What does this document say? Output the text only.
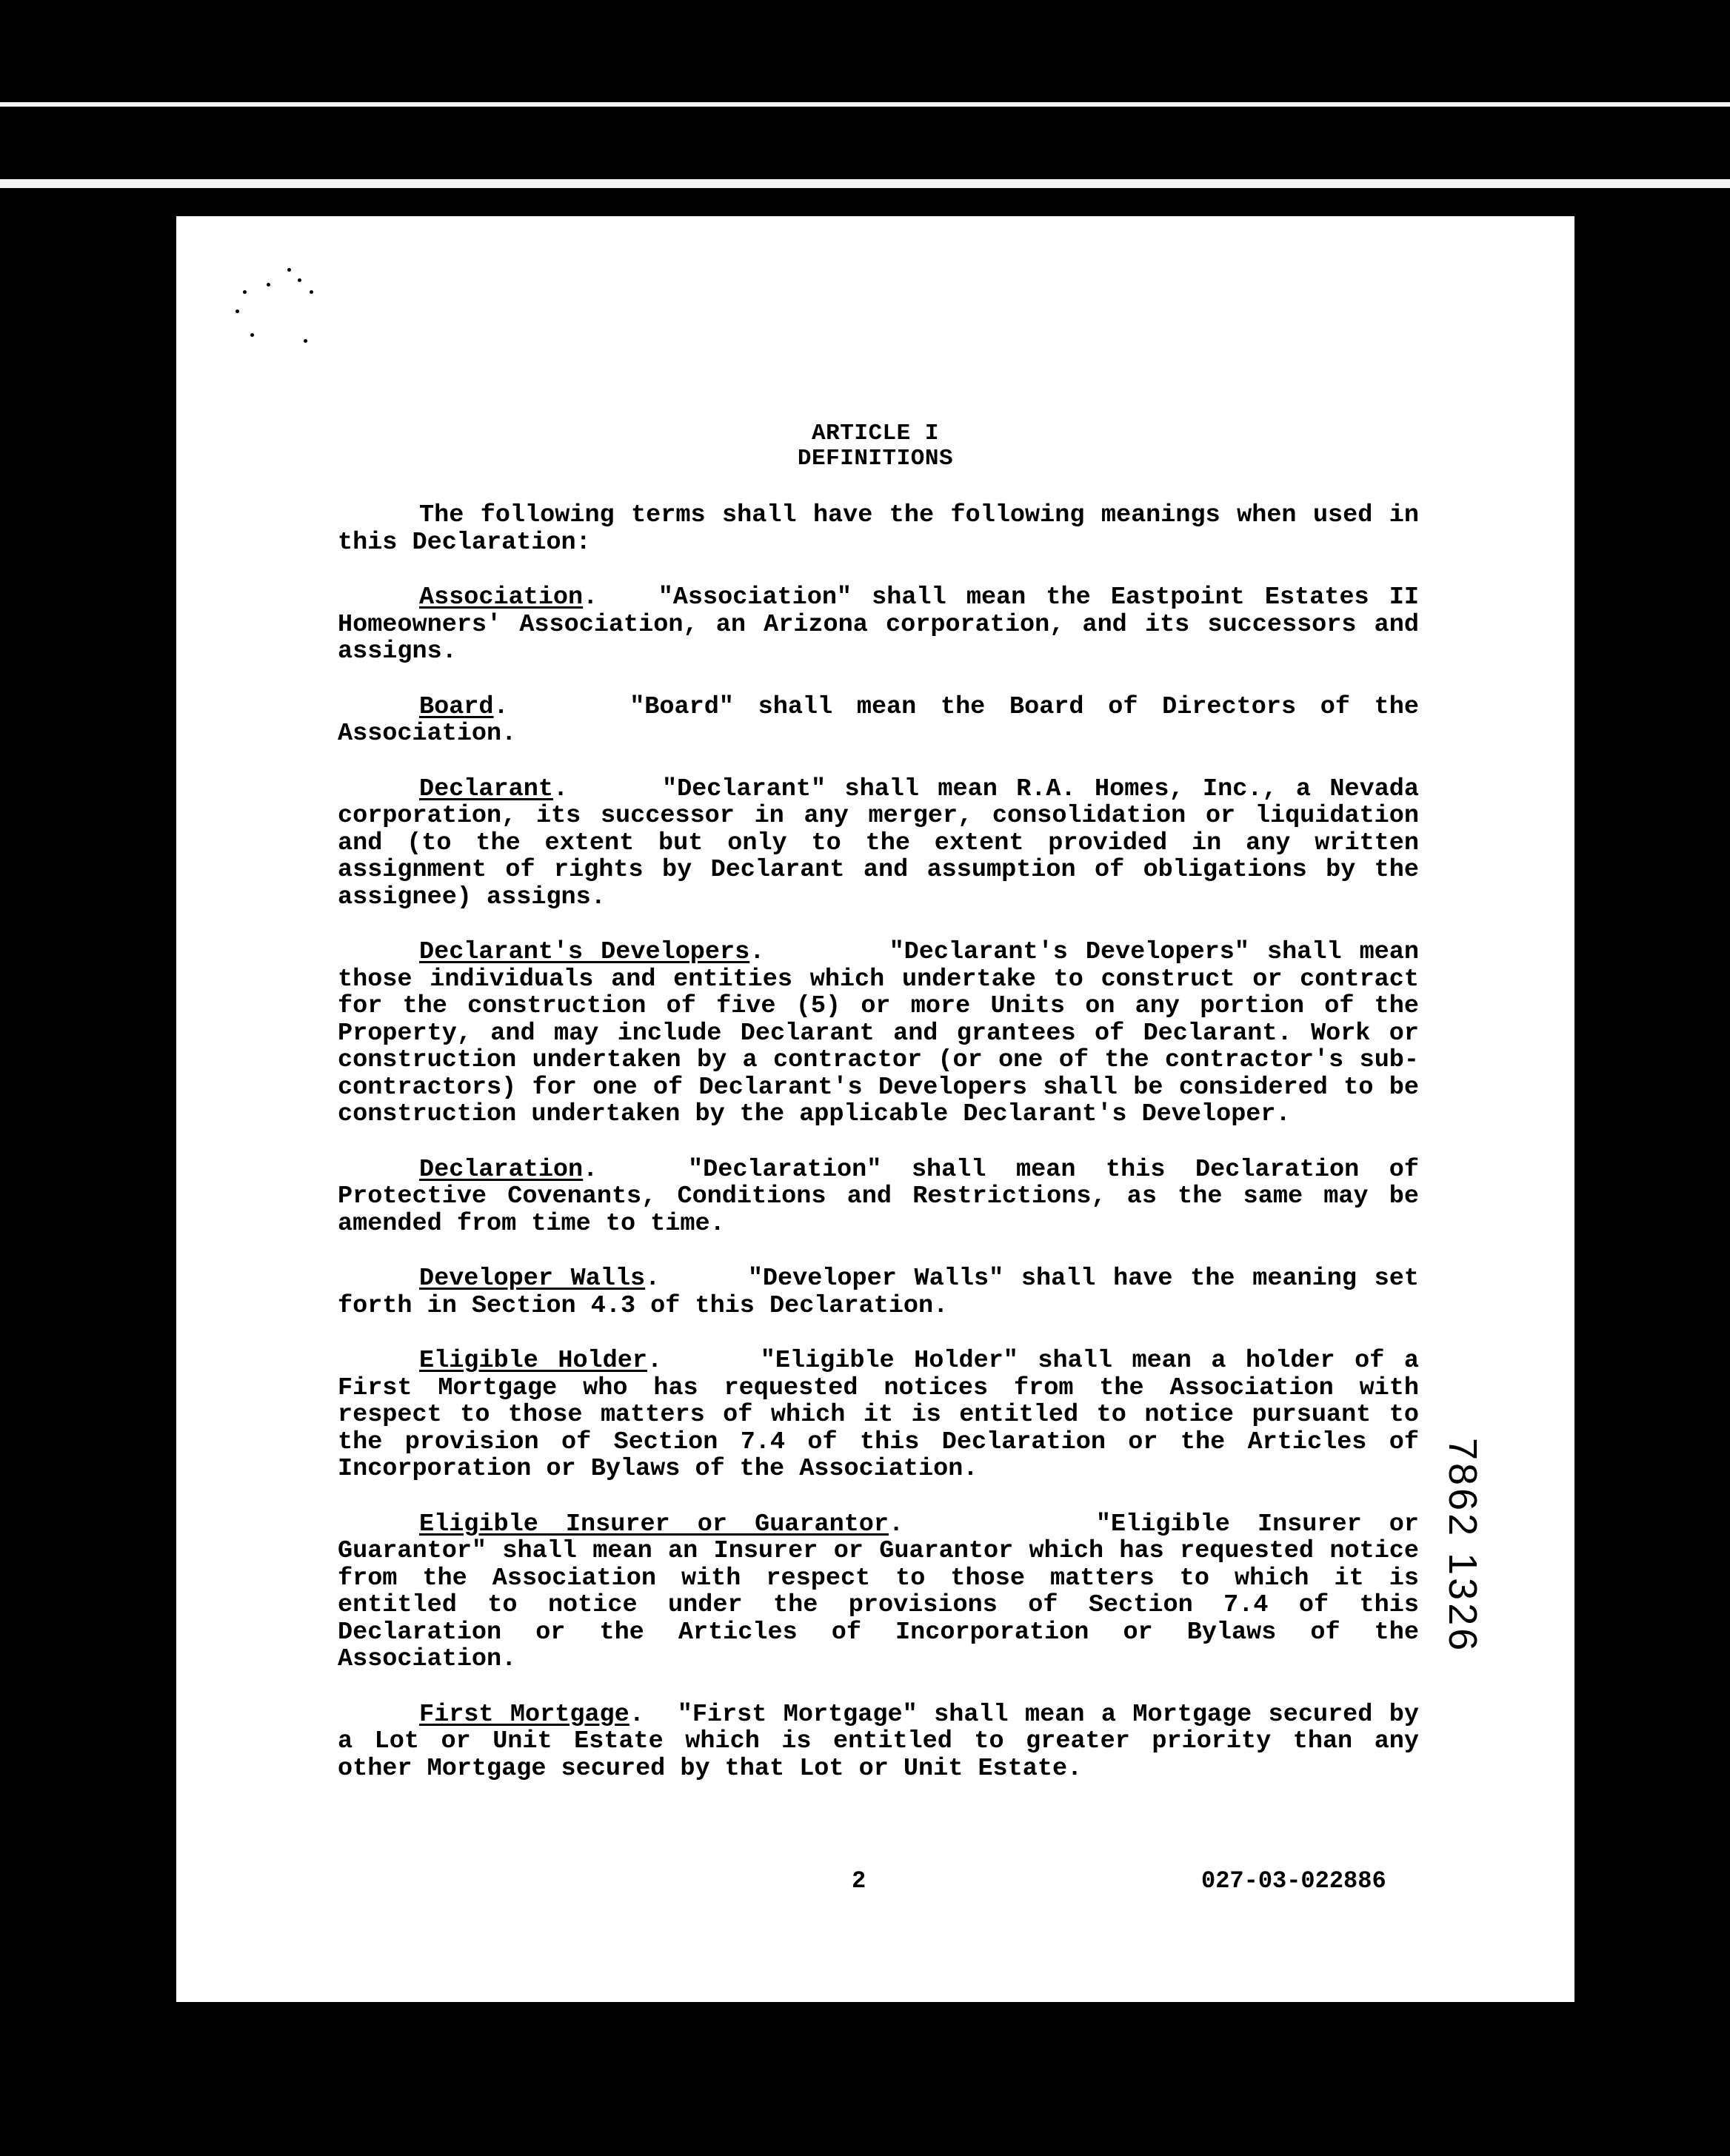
ARTICLE I
DEFINITIONS

The following terms shall have the following meanings when used in this Declaration:

Association.   "Association" shall mean the Eastpoint Estates II Homeowners' Association, an Arizona corporation, and its successors and assigns.

Board.     "Board" shall mean the Board of Directors of the Association.

Declarant.     "Declarant" shall mean R.A. Homes, Inc., a Nevada corporation, its successor in any merger, consolidation or liquidation and (to the extent but only to the extent provided in any written assignment of rights by Declarant and assumption of obligations by the assignee) assigns.

Declarant's Developers.       "Declarant's Developers" shall mean those individuals and entities which undertake to construct or contract for the construction of five (5) or more Units on any portion of the Property, and may include Declarant and grantees of Declarant. Work or construction undertaken by a contractor (or one of the contractor's sub-contractors) for one of Declarant's Developers shall be considered to be construction undertaken by the applicable Declarant's Developer.

Declaration.   "Declaration" shall mean this Declaration of Protective Covenants, Conditions and Restrictions, as the same may be amended from time to time.

Developer Walls.     "Developer Walls" shall have the meaning set forth in Section 4.3 of this Declaration.

Eligible Holder.     "Eligible Holder" shall mean a holder of a First Mortgage who has requested notices from the Association with respect to those matters of which it is entitled to notice pursuant to the provision of Section 7.4 of this Declaration or the Articles of Incorporation or Bylaws of the Association.

Eligible Insurer or Guarantor.       "Eligible Insurer or Guarantor" shall mean an Insurer or Guarantor which has requested notice from the Association with respect to those matters to which it is entitled to notice under the provisions of Section 7.4 of this Declaration or the Articles of Incorporation or Bylaws of the Association.

First Mortgage.  "First Mortgage" shall mean a Mortgage secured by a Lot or Unit Estate which is entitled to greater priority than any other Mortgage secured by that Lot or Unit Estate.

7862 1326
2	027-03-022886
